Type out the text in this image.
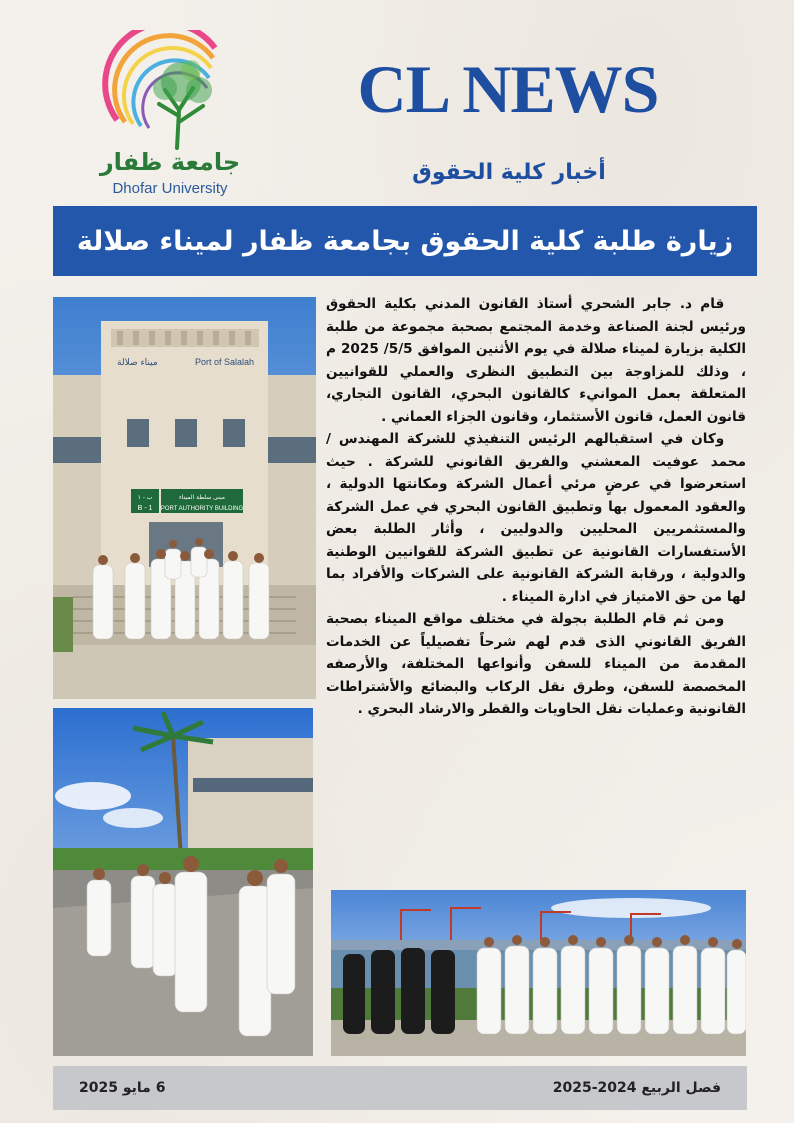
جامعة ظفار
Dhofar University
CL NEWS
أخبار كلية الحقوق
زيارة طلبة كلية الحقوق بجامعة ظفار لميناء صلالة
ميناء صلالة	Port of Salalah
ب - ١
B - 1
مبنى سلطة الميناء
PORT AUTHORITY BUILDING

قام د. جابر الشحري أستاذ القانون المدني بكلية الحقوق ورئيس لجنة الصناعة وخدمة المجتمع بصحبة مجموعة من طلبة الكلية بزيارة لميناء صلالة في يوم الأثنين الموافق 5/5/ 2025 م ، وذلك للمزاوجة بين التطبيق النظرى والعملي للقوانيين المتعلقة بعمل الموانيء كالقانون البحري، القانون التجاري، قانون العمل، قانون الأستثمار، وقانون الجزاء العماني .

وكان في استقبالهم الرئيس التنفيذي للشركة المهندس / محمد عوفيت المعشني والفريق القانوني للشركة . حيث استعرضوا في عرضٍ مرئي أعمال الشركة ومكانتها الدولية ، والعقود المعمول بها وتطبيق القانون البحري في عمل الشركة والمستثمريين المحليين والدوليين ، وأثار الطلبة بعض الأستفسارات القانونية عن تطبيق الشركة للقوانيين الوطنية والدولية ، ورقابة الشركة القانونية على الشركات والأفراد بما لها من حق الامتياز في ادارة الميناء .

ومن ثم قام الطلبة بجولة في مختلف مواقع الميناء بصحبة الفريق القانوني الذى قدم لهم شرحاً تفصيلياً عن الخدمات المقدمة من الميناء للسفن وأنواعها المختلفة، والأرصفه المخصصة للسفن، وطرق نقل الركاب والبضائع والأشتراطات القانونية وعمليات نقل الحاويات والقطر والارشاد البحري .

6 مايو 2025	فصل الربيع 2024-2025
